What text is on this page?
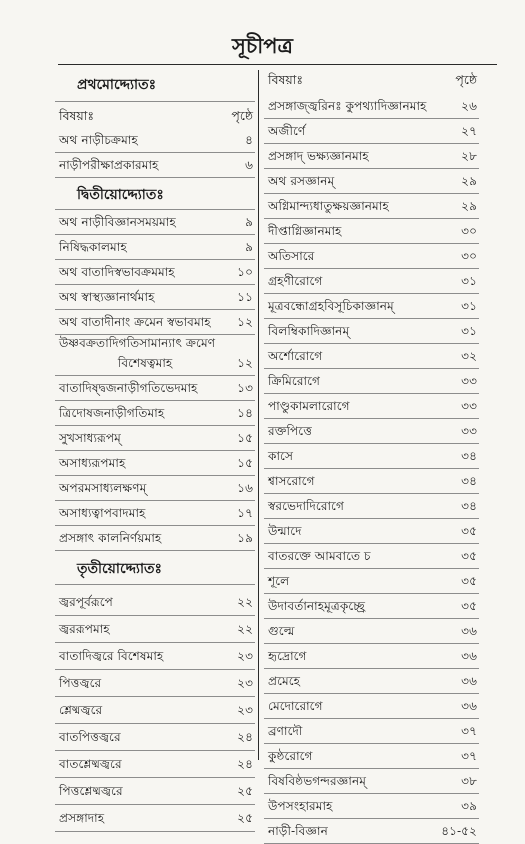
সূচীপত্র
প্রথমোদ্দ্যোতঃ
বিষয়াঃ	পৃষ্ঠে
অথ নাড়ীচক্রমাহ	৪
নাড়ীপরীক্ষাপ্রকারমাহ	৬
দ্বিতীয়োদ্দ্যোতঃ
অথ নাড়ীবিজ্ঞানসময়মাহ	৯
নিষিদ্ধকালমাহ	৯
অথ বাতাদিস্বভাবক্রমমাহ	১০
অথ স্বাস্থ্যজ্ঞানার্থমাহ	১১
অথ বাতাদীনাং ক্রমেন স্বভাবমাহ ১২
উষ্ণবক্রতাদিগতিসামান্যাৎ ক্রমেণ
বিশেষত্বমাহ	১২
বাতাদিষ্দ্বজনাড়ীগতিভেদমাহ	১৩
ত্রিদোষজনাড়ীগতিমাহ	১৪
সুখসাধ্যরূপম্	১৫
অসাধ্যরূপমাহ	১৫
অপরমসাধ্যলক্ষণম্	১৬
অসাধ্যত্বাপবাদমাহ	১৭
প্রসঙ্গাৎ কালনির্ণয়মাহ	১৯
তৃতীয়োদ্দ্যোতঃ
জ্বরপূর্বরূপে	২২
জ্বররূপমাহ	২২
বাতাদিজ্বরে বিশেষমাহ	২৩
পিত্তজ্বরে	২৩
শ্লেষ্মজ্বরে	২৩
বাতপিত্তজ্বরে	২৪
বাতশ্লেষ্মজ্বরে	২৪
পিত্তশ্লেষ্মজ্বরে	২৫
প্রসঙ্গাদাহ	২৫
বিষয়াঃ	পৃষ্ঠে
প্রসঙ্গাজ্জ্বরিনঃ কুপথ্যাদিজ্ঞানমাহ	২৬
অজীর্ণে	২৭
প্রসঙ্গাদ্ ভক্ষ্যজ্ঞানমাহ	২৮
অথ রসজ্ঞানম্	২৯
অগ্নিমান্দ্যধাতুক্ষয়জ্ঞানমাহ	২৯
দীপ্তাগ্নিজ্ঞানমাহ	৩০
অতিসারে	৩০
গ্রহণীরোগে	৩১
মূত্রবন্ধোগ্রহবিসূচিকাজ্ঞানম্	৩১
বিলম্বিকাদিজ্ঞানম্	৩১
অর্শোরোগে	৩২
ক্রিমিরোগে	৩৩
পাণ্ডুকামলারোগে	৩৩
রক্তপিত্তে	৩৩
কাসে	৩৪
শ্বাসরোগে	৩৪
স্বরভেদাদিরোগে	৩৪
উন্মাদে	৩৫
বাতরক্তে আমবাতে চ	৩৫
শূলে	৩৫
উদাবর্তানাহমূত্রকৃচ্ছ্রে	৩৫
গুল্মে	৩৬
হৃদ্রোগে	৩৬
প্রমেহে	৩৬
মেদোরোগে	৩৬
ব্রণাদৌ	৩৭
কুষ্ঠরোগে	৩৭
বিষবিষ্ঠভগন্দরজ্ঞানম্	৩৮
উপসংহারমাহ	৩৯
নাড়ী-বিজ্ঞান	৪১-৫২
